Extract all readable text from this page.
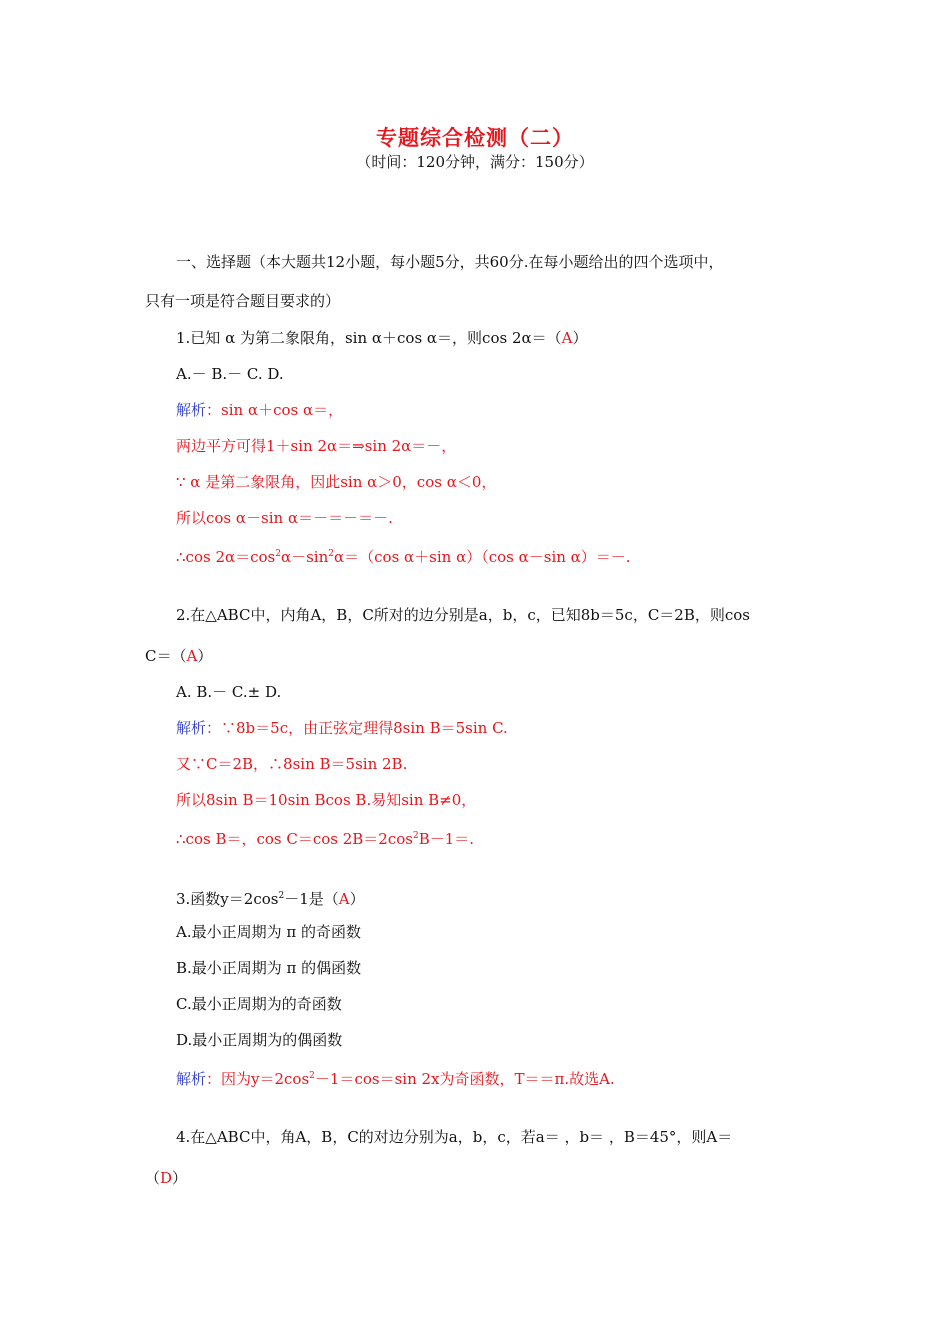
专题综合检测（二）
（时间：120分钟，满分：150分）
一、选择题（本大题共12小题，每小题5分，共60分.在每小题给出的四个选项中，
只有一项是符合题目要求的）
1.已知 α 为第二象限角，sin α＋cos α＝，则cos 2α＝（A）
A.－ B.－ C. D.
解析：sin α＋cos α＝，
两边平方可得1＋sin 2α＝⇒sin 2α＝－，
∵ α 是第二象限角，因此sin α＞0，cos α＜0，
所以cos α－sin α＝－＝－＝－.
∴cos $2\alpha=\cos^2\alpha-\sin^2\alpha=(\cos$ α＋sin α）（cos α－sin α）＝－.
2.在△ABC中，内角A，B，C所对的边分别是a，b，c，已知8b＝5c，C＝2B，则cos
C＝（A）
A. B.－ C.± D.
解析：∵8b＝5c，由正弦定理得8sin B＝5sin C.
又∵C＝2B，∴8sin B＝5sin 2B.
所以8sin B＝10sin Bcos B.易知sin B≠0，
∴cos B＝，cos C＝cos $2B=2\cos^2B-1=$.
3.函数$y=2\cos^2-1$是（A）
A.最小正周期为 π 的奇函数
B.最小正周期为 π 的偶函数
C.最小正周期为的奇函数
D.最小正周期为的偶函数
解析：因为$y=2\cos^2-1=\cos=\sin$ 2x为奇函数，T＝＝π.故选A.
4.在△ABC中，角A，B，C的对边分别为a，b，c，若a＝ ，b＝ ，B＝45°，则A＝
（D）
